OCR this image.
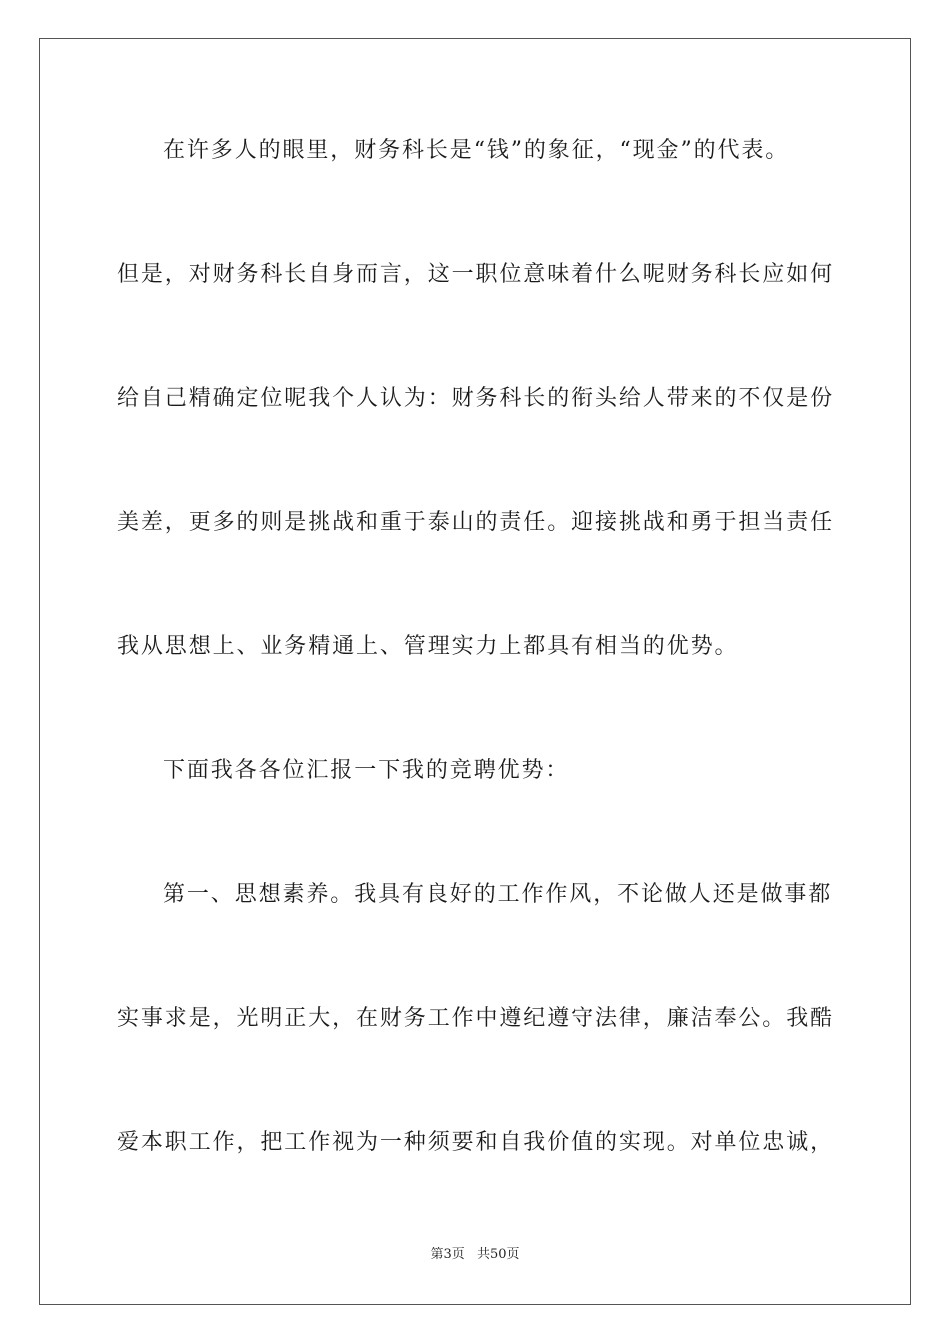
在许多人的眼里，财务科长是“钱”的象征，“现金”的代表。
但是，对财务科长自身而言，这一职位意味着什么呢财务科长应如何
给自己精确定位呢我个人认为：财务科长的衔头给人带来的不仅是份
美差，更多的则是挑战和重于泰山的责任。迎接挑战和勇于担当责任
我从思想上、业务精通上、管理实力上都具有相当的优势。
下面我各各位汇报一下我的竞聘优势：
第一、思想素养。我具有良好的工作作风，不论做人还是做事都
实事求是，光明正大，在财务工作中遵纪遵守法律，廉洁奉公。我酷
爱本职工作，把工作视为一种须要和自我价值的实现。对单位忠诚，
第3页 共50页
